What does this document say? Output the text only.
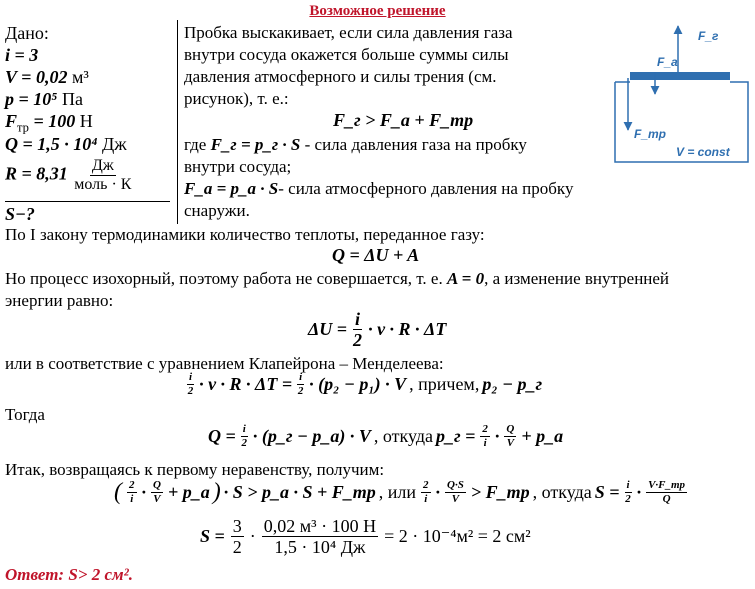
Возможное решение
Дано:
i = 3
V = 0,02 м³
p = 10⁵ Па
$F_{тр} = 100$ Н
Q = 1,5 · 10⁴ Дж
$R = 8,31 \frac{Дж}{\text{моль · К}}$
S−?
Пробка выскакивает, если сила давления газа
внутри сосуда окажется больше суммы силы
давления атмосферного и силы трения (см.
рисунок), т. е.:
F_г > F_а + F_тр
где F_г = p_г · S - сила давления газа на пробку
внутри сосуда;
F_а = p_а · S- сила атмосферного давления на пробку
снаружи.
F_г
F_а
F_тр
V = const
По I закону термодинамики количество теплоты, переданное газу:
Q = ΔU + A
Но процесс изохорный, поэтому работа не совершается, т. е. A = 0, а изменение внутренней
энергии равно:
$\Delta U = \frac{i}{2} \cdot \nu \cdot R \cdot \Delta T$
или в соответствие с уравнением Клапейрона – Менделеева:
$\frac{i}{2} \cdot \nu \cdot R \cdot \Delta T = \frac{i}{2} \cdot (p_2 - p_1) \cdot V$ , причем, p₂ − p_г
Тогда
$Q = \frac{i}{2}$ · (p_г − p_а) · V , откуда p_г = $\frac{2}{i} \cdot \frac{Q}{V}$ + p_а
Итак, возвращаясь к первому неравенству, получим:
( $\frac{2}{i} \cdot \frac{Q}{V}$ + p_а ) · S > p_а · S + F_тр , или $\frac{2}{i} \cdot \frac{Q\cdot S}{V}$ > F_тр , откуда $S = \frac{i}{2} \cdot \frac{V\cdot F\_тр}{Q}$
$S = \frac{3}{2} \cdot \frac{\text{0,02 м³ · 100 Н}}{\text{1,5 · 10⁴ Дж}} = 2 \cdot 10^{-4}м^2 = 2$ см²
Ответ: S> 2 см².
